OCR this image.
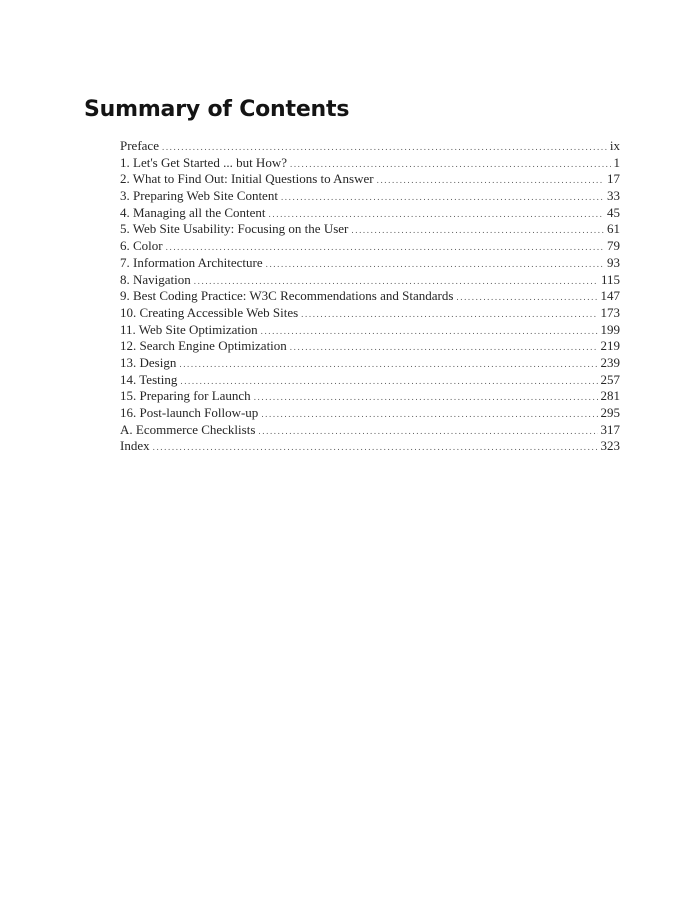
Summary of Contents
Preface .....	ix
1. Let's Get Started ... but How? .....	1
2. What to Find Out: Initial Questions to Answer .....	17
3. Preparing Web Site Content .....	33
4. Managing all the Content .....	45
5. Web Site Usability: Focusing on the User .....	61
6. Color .....	79
7. Information Architecture .....	93
8. Navigation .....	115
9. Best Coding Practice: W3C Recommendations and Standards .....	147
10. Creating Accessible Web Sites .....	173
11. Web Site Optimization .....	199
12. Search Engine Optimization .....	219
13. Design .....	239
14. Testing .....	257
15. Preparing for Launch .....	281
16. Post-launch Follow-up .....	295
A. Ecommerce Checklists .....	317
Index .....	323
